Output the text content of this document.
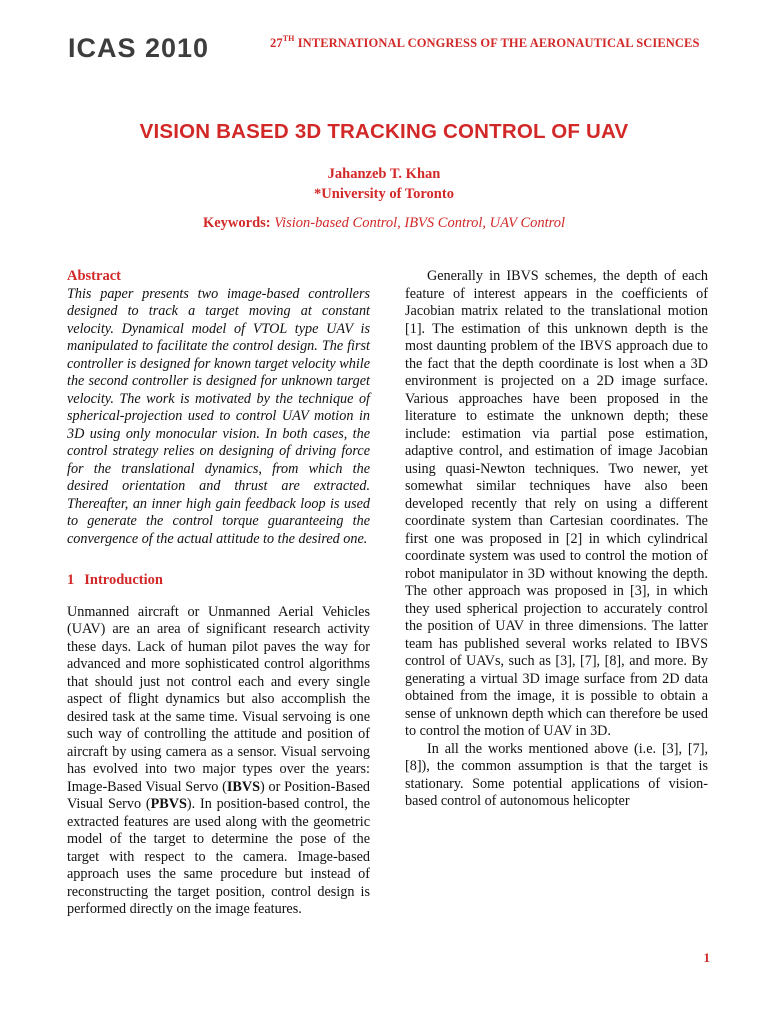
ICAS 2010	27TH INTERNATIONAL CONGRESS OF THE AERONAUTICAL SCIENCES
VISION BASED 3D TRACKING CONTROL OF UAV
Jahanzeb T. Khan
*University of Toronto
Keywords: Vision-based Control, IBVS Control, UAV Control
Abstract

This paper presents two image-based controllers designed to track a target moving at constant velocity. Dynamical model of VTOL type UAV is manipulated to facilitate the control design. The first controller is designed for known target velocity while the second controller is designed for unknown target velocity. The work is motivated by the technique of spherical-projection used to control UAV motion in 3D using only monocular vision. In both cases, the control strategy relies on designing of driving force for the translational dynamics, from which the desired orientation and thrust are extracted. Thereafter, an inner high gain feedback loop is used to generate the control torque guaranteeing the convergence of the actual attitude to the desired one.

1 Introduction

Unmanned aircraft or Unmanned Aerial Vehicles (UAV) are an area of significant research activity these days. Lack of human pilot paves the way for advanced and more sophisticated control algorithms that should just not control each and every single aspect of flight dynamics but also accomplish the desired task at the same time. Visual servoing is one such way of controlling the attitude and position of aircraft by using camera as a sensor. Visual servoing has evolved into two major types over the years: Image-Based Visual Servo (IBVS) or Position-Based Visual Servo (PBVS). In position-based control, the extracted features are used along with the geometric model of the target to determine the pose of the target with respect to the camera. Image-based approach uses the same procedure but instead of reconstructing the target position, control design is performed directly on the image features.

Generally in IBVS schemes, the depth of each feature of interest appears in the coefficients of Jacobian matrix related to the translational motion [1]. The estimation of this unknown depth is the most daunting problem of the IBVS approach due to the fact that the depth coordinate is lost when a 3D environment is projected on a 2D image surface. Various approaches have been proposed in the literature to estimate the unknown depth; these include: estimation via partial pose estimation, adaptive control, and estimation of image Jacobian using quasi-Newton techniques. Two newer, yet somewhat similar techniques have also been developed recently that rely on using a different coordinate system than Cartesian coordinates. The first one was proposed in [2] in which cylindrical coordinate system was used to control the motion of robot manipulator in 3D without knowing the depth. The other approach was proposed in [3], in which they used spherical projection to accurately control the position of UAV in three dimensions. The latter team has published several works related to IBVS control of UAVs, such as [3], [7], [8], and more. By generating a virtual 3D image surface from 2D data obtained from the image, it is possible to obtain a sense of unknown depth which can therefore be used to control the motion of UAV in 3D.

In all the works mentioned above (i.e. [3], [7], [8]), the common assumption is that the target is stationary. Some potential applications of vision-based control of autonomous helicopter

1
